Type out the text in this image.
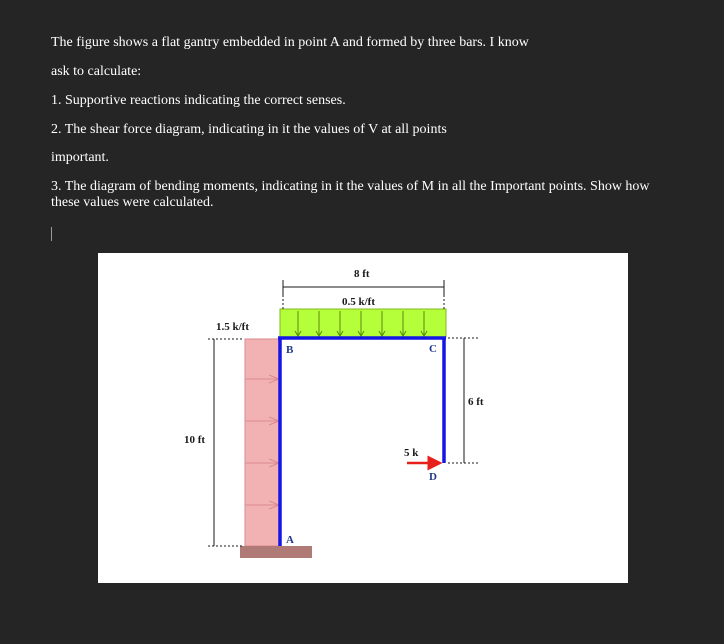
The figure shows a flat gantry embedded in point A and formed by three bars. I know
ask to calculate:
1. Supportive reactions indicating the correct senses.
2. The shear force diagram, indicating in it the values of V at all points
important.
3. The diagram of bending moments, indicating in it the values of M in all the Important points. Show how these values were calculated.
8 ft
0.5 k/ft
1.5 k/ft
10 ft
6 ft
5 k
B	C
D
A
